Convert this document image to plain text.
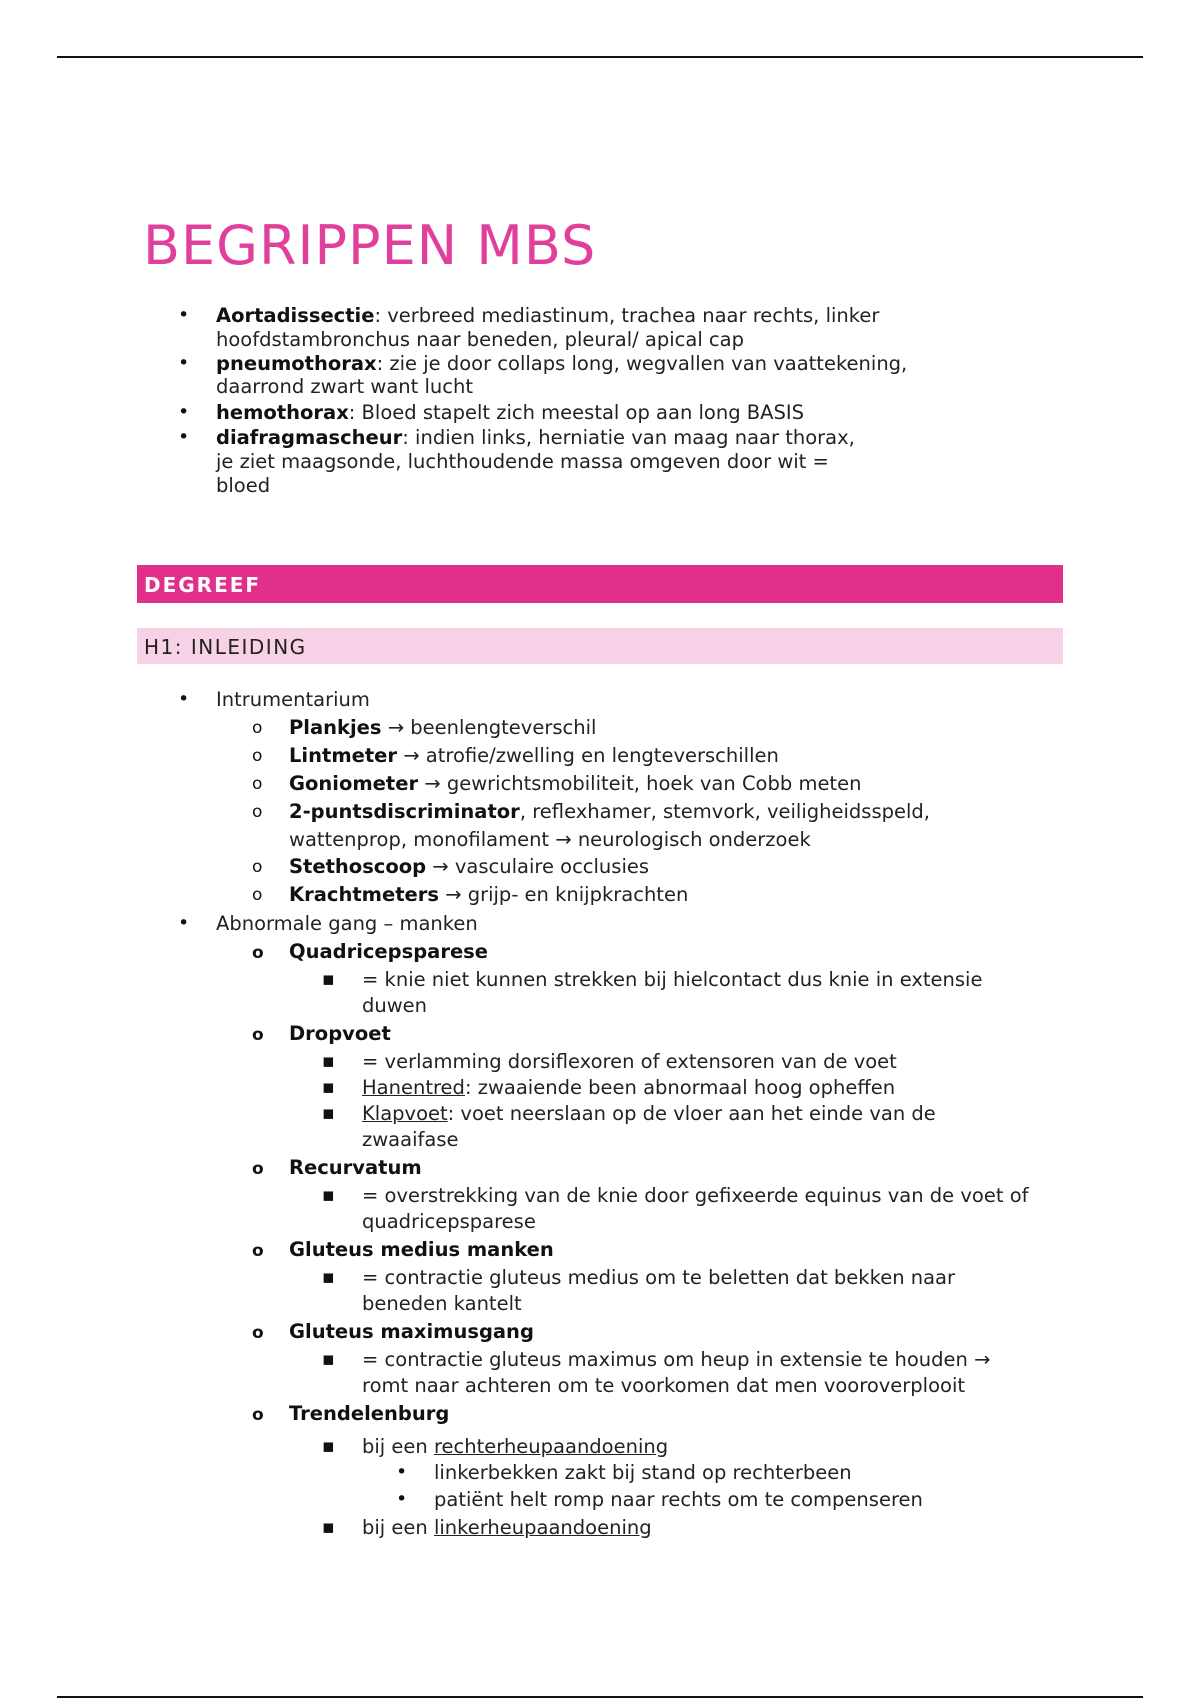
BEGRIPPEN MBS
•
Aortadissectie: verbreed mediastinum, trachea naar rechts, linker
hoofdstambronchus naar beneden, pleural/ apical cap
•
pneumothorax: zie je door collaps long, wegvallen van vaattekening,
daarrond zwart want lucht
•
hemothorax: Bloed stapelt zich meestal op aan long BASIS
•
diafragmascheur: indien links, herniatie van maag naar thorax,
je ziet maagsonde, luchthoudende massa omgeven door wit =
bloed
DEGREEF
H1: INLEIDING
•
Intrumentarium
o
Plankjes → beenlengteverschil
o
Lintmeter → atrofie/zwelling en lengteverschillen
o
Goniometer → gewrichtsmobiliteit, hoek van Cobb meten
o
2-puntsdiscriminator, reflexhamer, stemvork, veiligheidsspeld,
wattenprop, monofilament → neurologisch onderzoek
o
Stethoscoop → vasculaire occlusies
o
Krachtmeters → grijp- en knijpkrachten
•
Abnormale gang – manken
o
Quadricepsparese
▪
= knie niet kunnen strekken bij hielcontact dus knie in extensie
duwen
o
Dropvoet
▪
= verlamming dorsiflexoren of extensoren van de voet
▪
Hanentred: zwaaiende been abnormaal hoog opheffen
▪
Klapvoet: voet neerslaan op de vloer aan het einde van de
zwaaifase
o
Recurvatum
▪
= overstrekking van de knie door gefixeerde equinus van de voet of
quadricepsparese
o
Gluteus medius manken
▪
= contractie gluteus medius om te beletten dat bekken naar
beneden kantelt
o
Gluteus maximusgang
▪
= contractie gluteus maximus om heup in extensie te houden →
romt naar achteren om te voorkomen dat men vooroverplooit
o
Trendelenburg
▪
bij een rechterheupaandoening
•
linkerbekken zakt bij stand op rechterbeen
•
patiënt helt romp naar rechts om te compenseren
▪
bij een linkerheupaandoening
